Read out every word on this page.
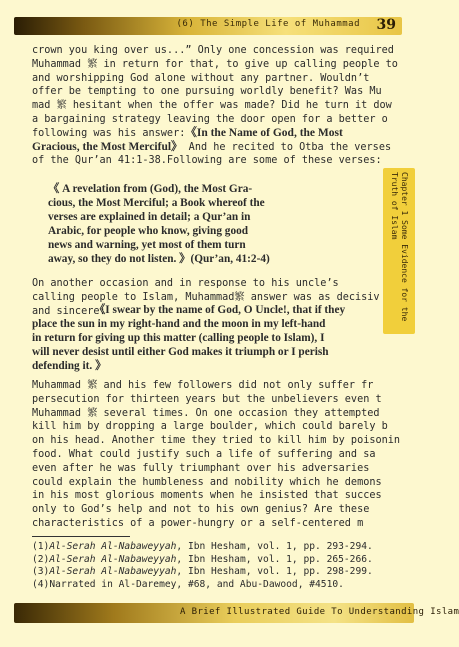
(6) The Simple Life of Muhammad 39
Chapter 1 Some Evidence for the Truth of Islam
crown you king over us...” Only one concession was required
Muhammad 繁 in return for that, to give up calling people to
and worshipping God alone without any partner. Wouldn’t
offer be tempting to one pursuing worldly benefit? Was Mu
mad 繁 hesitant when the offer was made? Did he turn it dow
a bargaining strategy leaving the door open for a better o
following was his answer:《In the Name of God, the Most
Gracious, the Most Merciful》 And he recited to Otba the verses
of the Qur’an 41:1-38.Following are some of these verses:
《 A revelation from (God), the Most Gra-
cious, the Most Merciful; a Book whereof the
verses are explained in detail; a Qur’an in
Arabic, for people who know, giving good
news and warning, yet most of them turn
away, so they do not listen. 》(Qur’an, 41:2-4)
On another occasion and in response to his uncle’s
calling people to Islam, Muhammad繁 answer was as decisiv
and sincere:
《I swear by the name of God, O Uncle!, that if they
place the sun in my right-hand and the moon in my left-hand
in return for giving up this matter (calling people to Islam), I
will never desist until either God makes it triumph or I perish
defending it. 》
Muhammad 繁 and his few followers did not only suffer fr
persecution for thirteen years but the unbelievers even t
Muhammad 繁 several times. On one occasion they attempted
kill him by dropping a large boulder, which could barely b
on his head. Another time they tried to kill him by poisonin
food. What could justify such a life of suffering and sa
even after he was fully triumphant over his adversaries
could explain the humbleness and nobility which he demons
in his most glorious moments when he insisted that succes
only to God’s help and not to his own genius? Are these
characteristics of a power-hungry or a self-centered m
(1)Al-Serah Al-Nabaweyyah, Ibn Hesham, vol. 1, pp. 293-294.
(2)Al-Serah Al-Nabaweyyah, Ibn Hesham, vol. 1, pp. 265-266.
(3)Al-Serah Al-Nabaweyyah, Ibn Hesham, vol. 1, pp. 298-299.
(4)Narrated in Al-Daremey, #68, and Abu-Dawood, #4510.
A Brief Illustrated Guide To Understanding Islam
